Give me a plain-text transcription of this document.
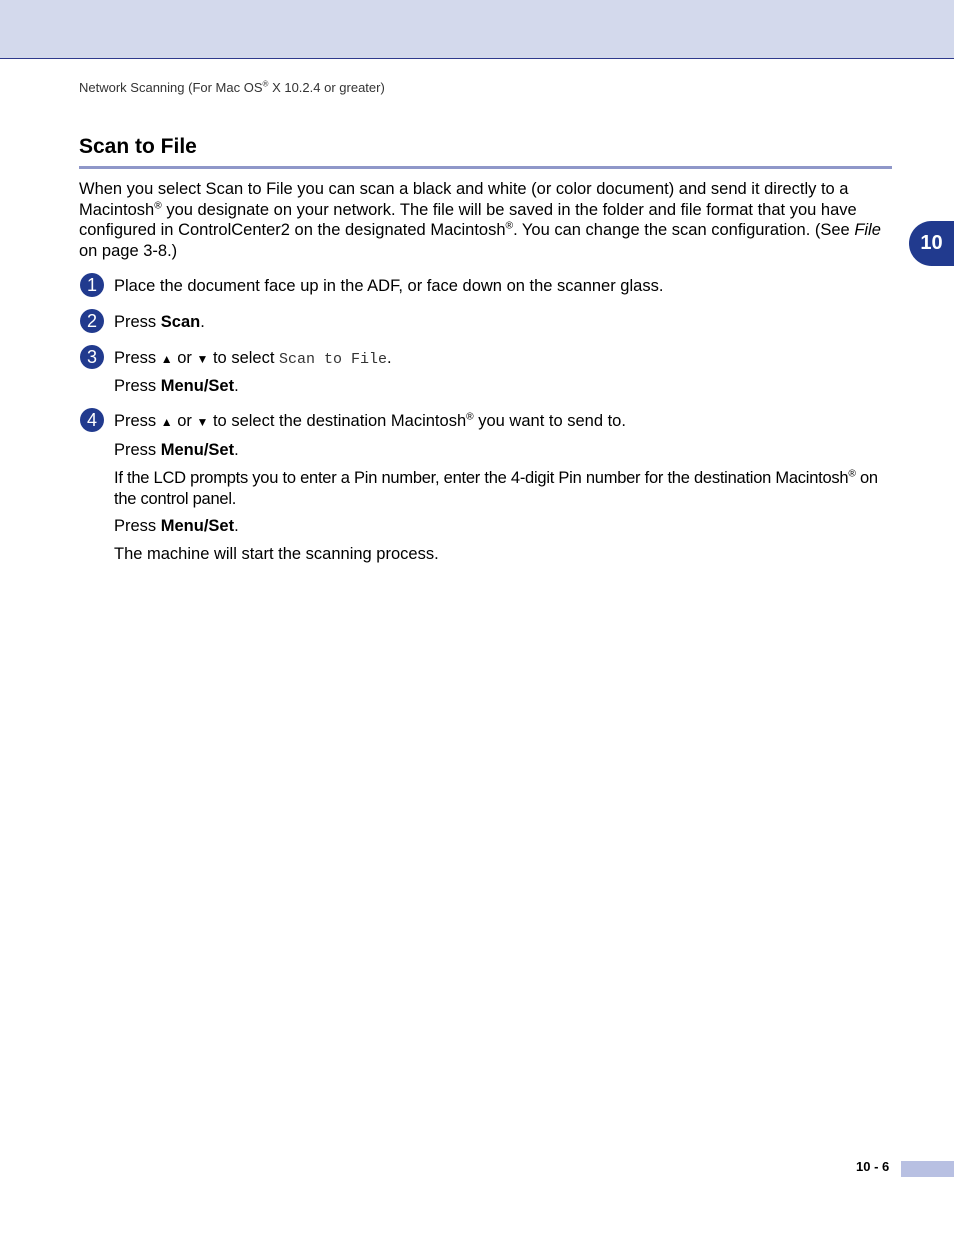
Network Scanning (For Mac OS® X 10.2.4 or greater)
Scan to File
10

When you select Scan to File you can scan a black and white (or color document) and send it directly to a Macintosh® you designate on your network. The file will be saved in the folder and file format that you have configured in ControlCenter2 on the designated Macintosh®. You can change the scan configuration. (See File on page 3-8.)

1	Place the document face up in the ADF, or face down on the scanner glass.

2	Press Scan.

3	Press ▲ or ▼ to select Scan to File.

Press Menu/Set.

4	Press ▲ or ▼ to select the destination Macintosh® you want to send to.

Press Menu/Set.

If the LCD prompts you to enter a Pin number, enter the 4-digit Pin number for the destination Macintosh® on the control panel.

Press Menu/Set.

The machine will start the scanning process.

10 - 6
